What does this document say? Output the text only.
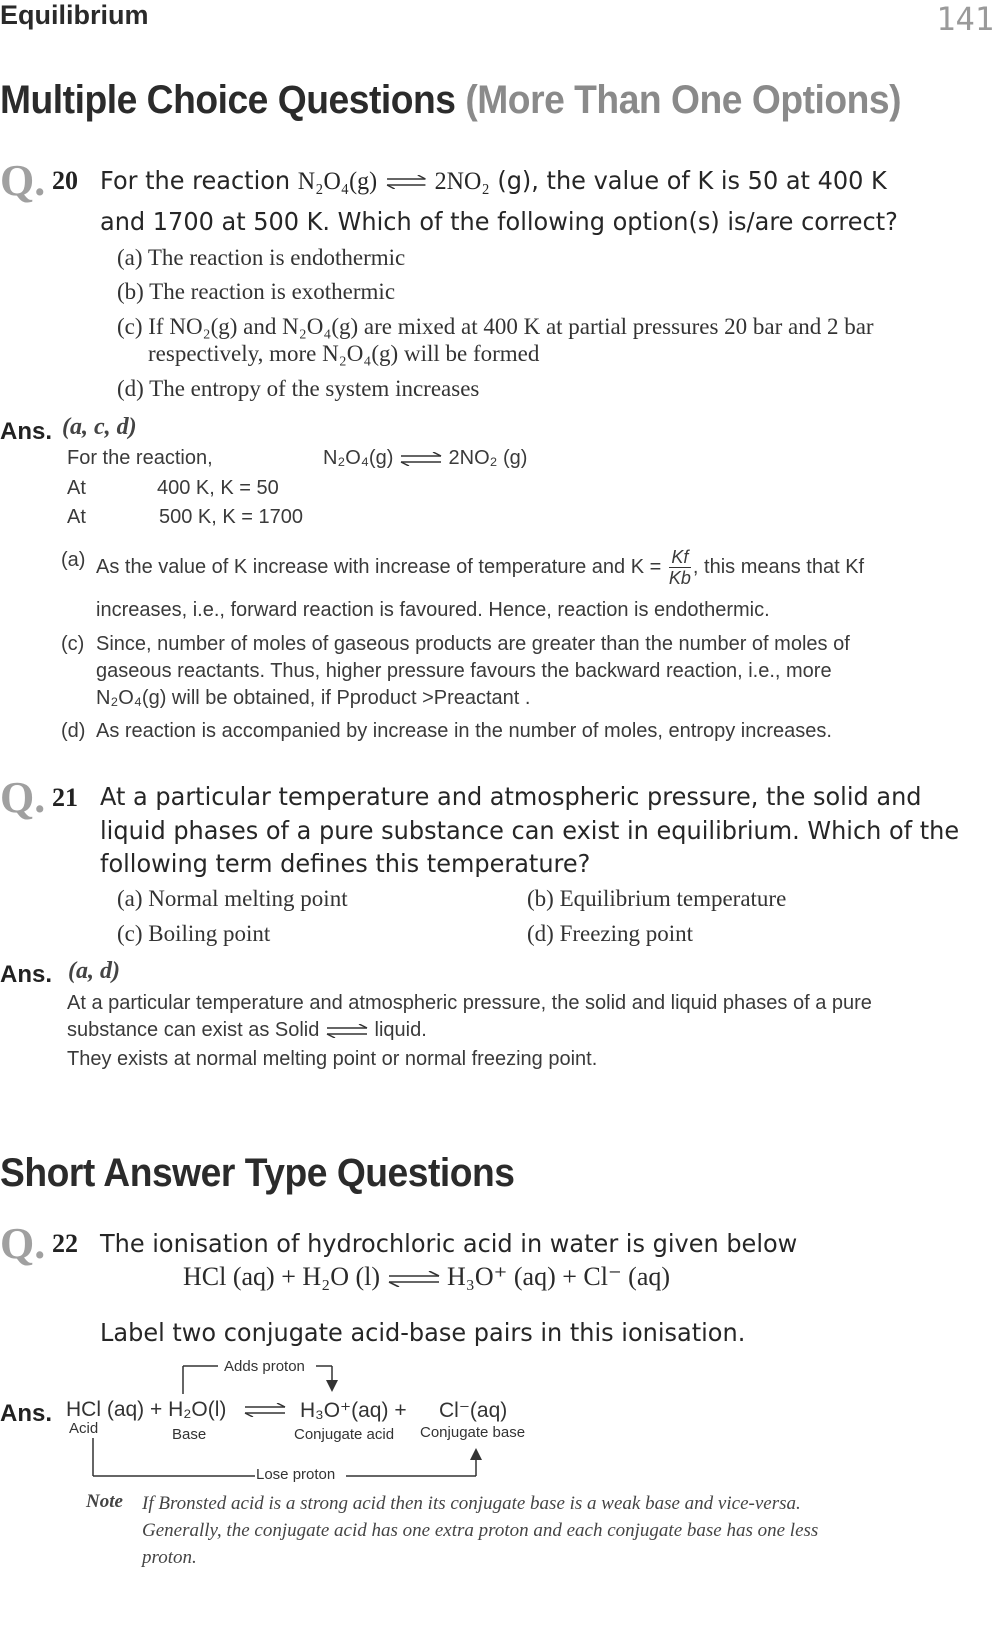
Equilibrium	141
Multiple Choice Questions (More Than One Options)
Q. 20 For the reaction N₂O₄(g) ⇌ 2NO₂ (g), the value of K is 50 at 400 K
and 1700 at 500 K. Which of the following option(s) is/are correct?
(a) The reaction is endothermic
(b) The reaction is exothermic
(c) If NO₂(g) and N₂O₄(g) are mixed at 400 K at partial pressures 20 bar and 2 bar
respectively, more N₂O₄(g) will be formed
(d) The entropy of the system increases
Ans. (a, c, d)
For the reaction,	N₂O₄(g) ⇌ 2NO₂ (g)
At	400 K, K = 50
At	500 K, K = 1700
(a) As the value of K increase with increase of temperature and $K = \frac{Kf}{Kb}$ , this means that Kf
increases, i.e., forward reaction is favoured. Hence, reaction is endothermic.
(c) Since, number of moles of gaseous products are greater than the number of moles of
gaseous reactants. Thus, higher pressure favours the backward reaction, i.e., more
N₂O₄(g) will be obtained, if Pproduct >Preactant .
(d) As reaction is accompanied by increase in the number of moles, entropy increases.
Q. 21 At a particular temperature and atmospheric pressure, the solid and
liquid phases of a pure substance can exist in equilibrium. Which of the
following term defines this temperature?
(a) Normal melting point	(b) Equilibrium temperature
(c) Boiling point	(d) Freezing point
Ans. (a, d)
At a particular temperature and atmospheric pressure, the solid and liquid phases of a pure
substance can exist as Solid ⇌ liquid.
They exists at normal melting point or normal freezing point.
Short Answer Type Questions
Q. 22 The ionisation of hydrochloric acid in water is given below
HCl (aq) + H₂O (l) ⇌ H₃O⁺ (aq) + Cl⁻ (aq)
Label two conjugate acid-base pairs in this ionisation.
Ans.
Adds proton
Lose proton
HCl (aq) + H₂O(l) ⇌ H₃O⁺(aq) + Cl⁻(aq)
Acid	Base	Conjugate acid Conjugate base
Note If Bronsted acid is a strong acid then its conjugate base is a weak base and vice-versa.
Generally, the conjugate acid has one extra proton and each conjugate base has one less
proton.
